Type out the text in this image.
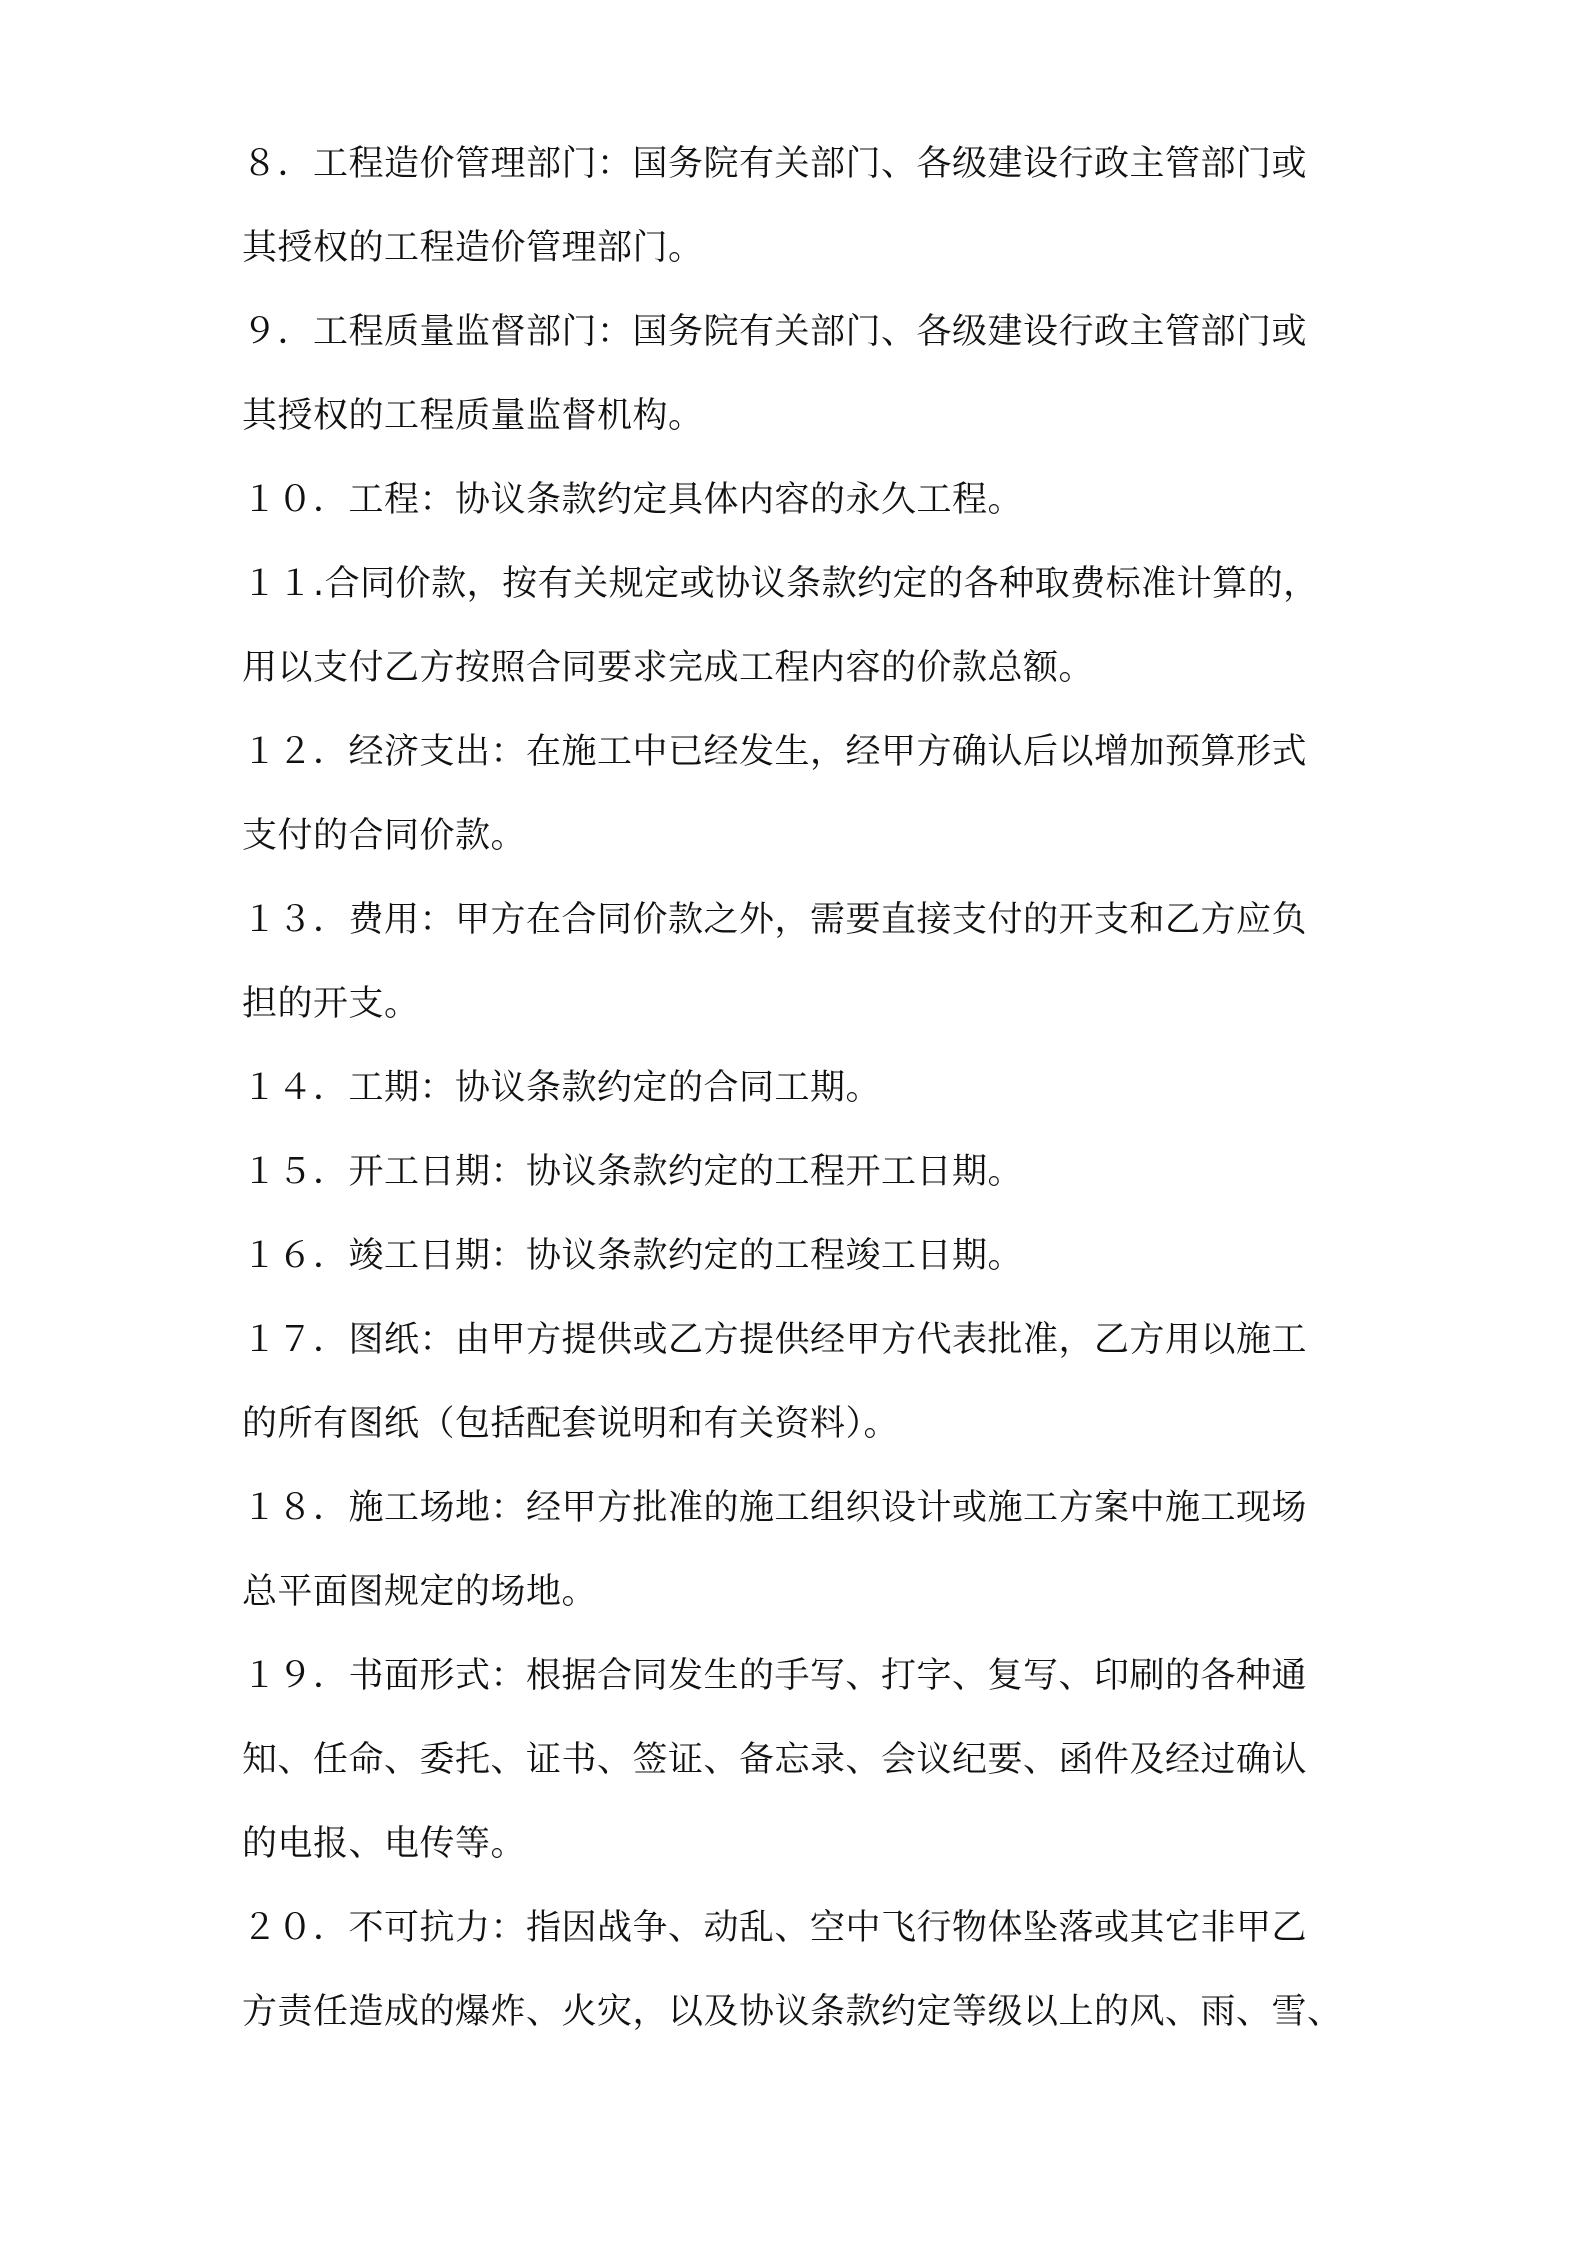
８．工程造价管理部门：国务院有关部门、各级建设行政主管部门或
其授权的工程造价管理部门。
９．工程质量监督部门：国务院有关部门、各级建设行政主管部门或
其授权的工程质量监督机构。
１０．工程：协议条款约定具体内容的永久工程。
１１.合同价款，按有关规定或协议条款约定的各种取费标准计算的，
用以支付乙方按照合同要求完成工程内容的价款总额。
１２．经济支出：在施工中已经发生，经甲方确认后以增加预算形式
支付的合同价款。
１３．费用：甲方在合同价款之外，需要直接支付的开支和乙方应负
担的开支。
１４．工期：协议条款约定的合同工期。
１５．开工日期：协议条款约定的工程开工日期。
１６．竣工日期：协议条款约定的工程竣工日期。
１７．图纸：由甲方提供或乙方提供经甲方代表批准，乙方用以施工
的所有图纸（包括配套说明和有关资料）。
１８．施工场地：经甲方批准的施工组织设计或施工方案中施工现场
总平面图规定的场地。
１９．书面形式：根据合同发生的手写、打字、复写、印刷的各种通
知、任命、委托、证书、签证、备忘录、会议纪要、函件及经过确认
的电报、电传等。
２０．不可抗力：指因战争、动乱、空中飞行物体坠落或其它非甲乙
方责任造成的爆炸、火灾，以及协议条款约定等级以上的风、雨、雪、
